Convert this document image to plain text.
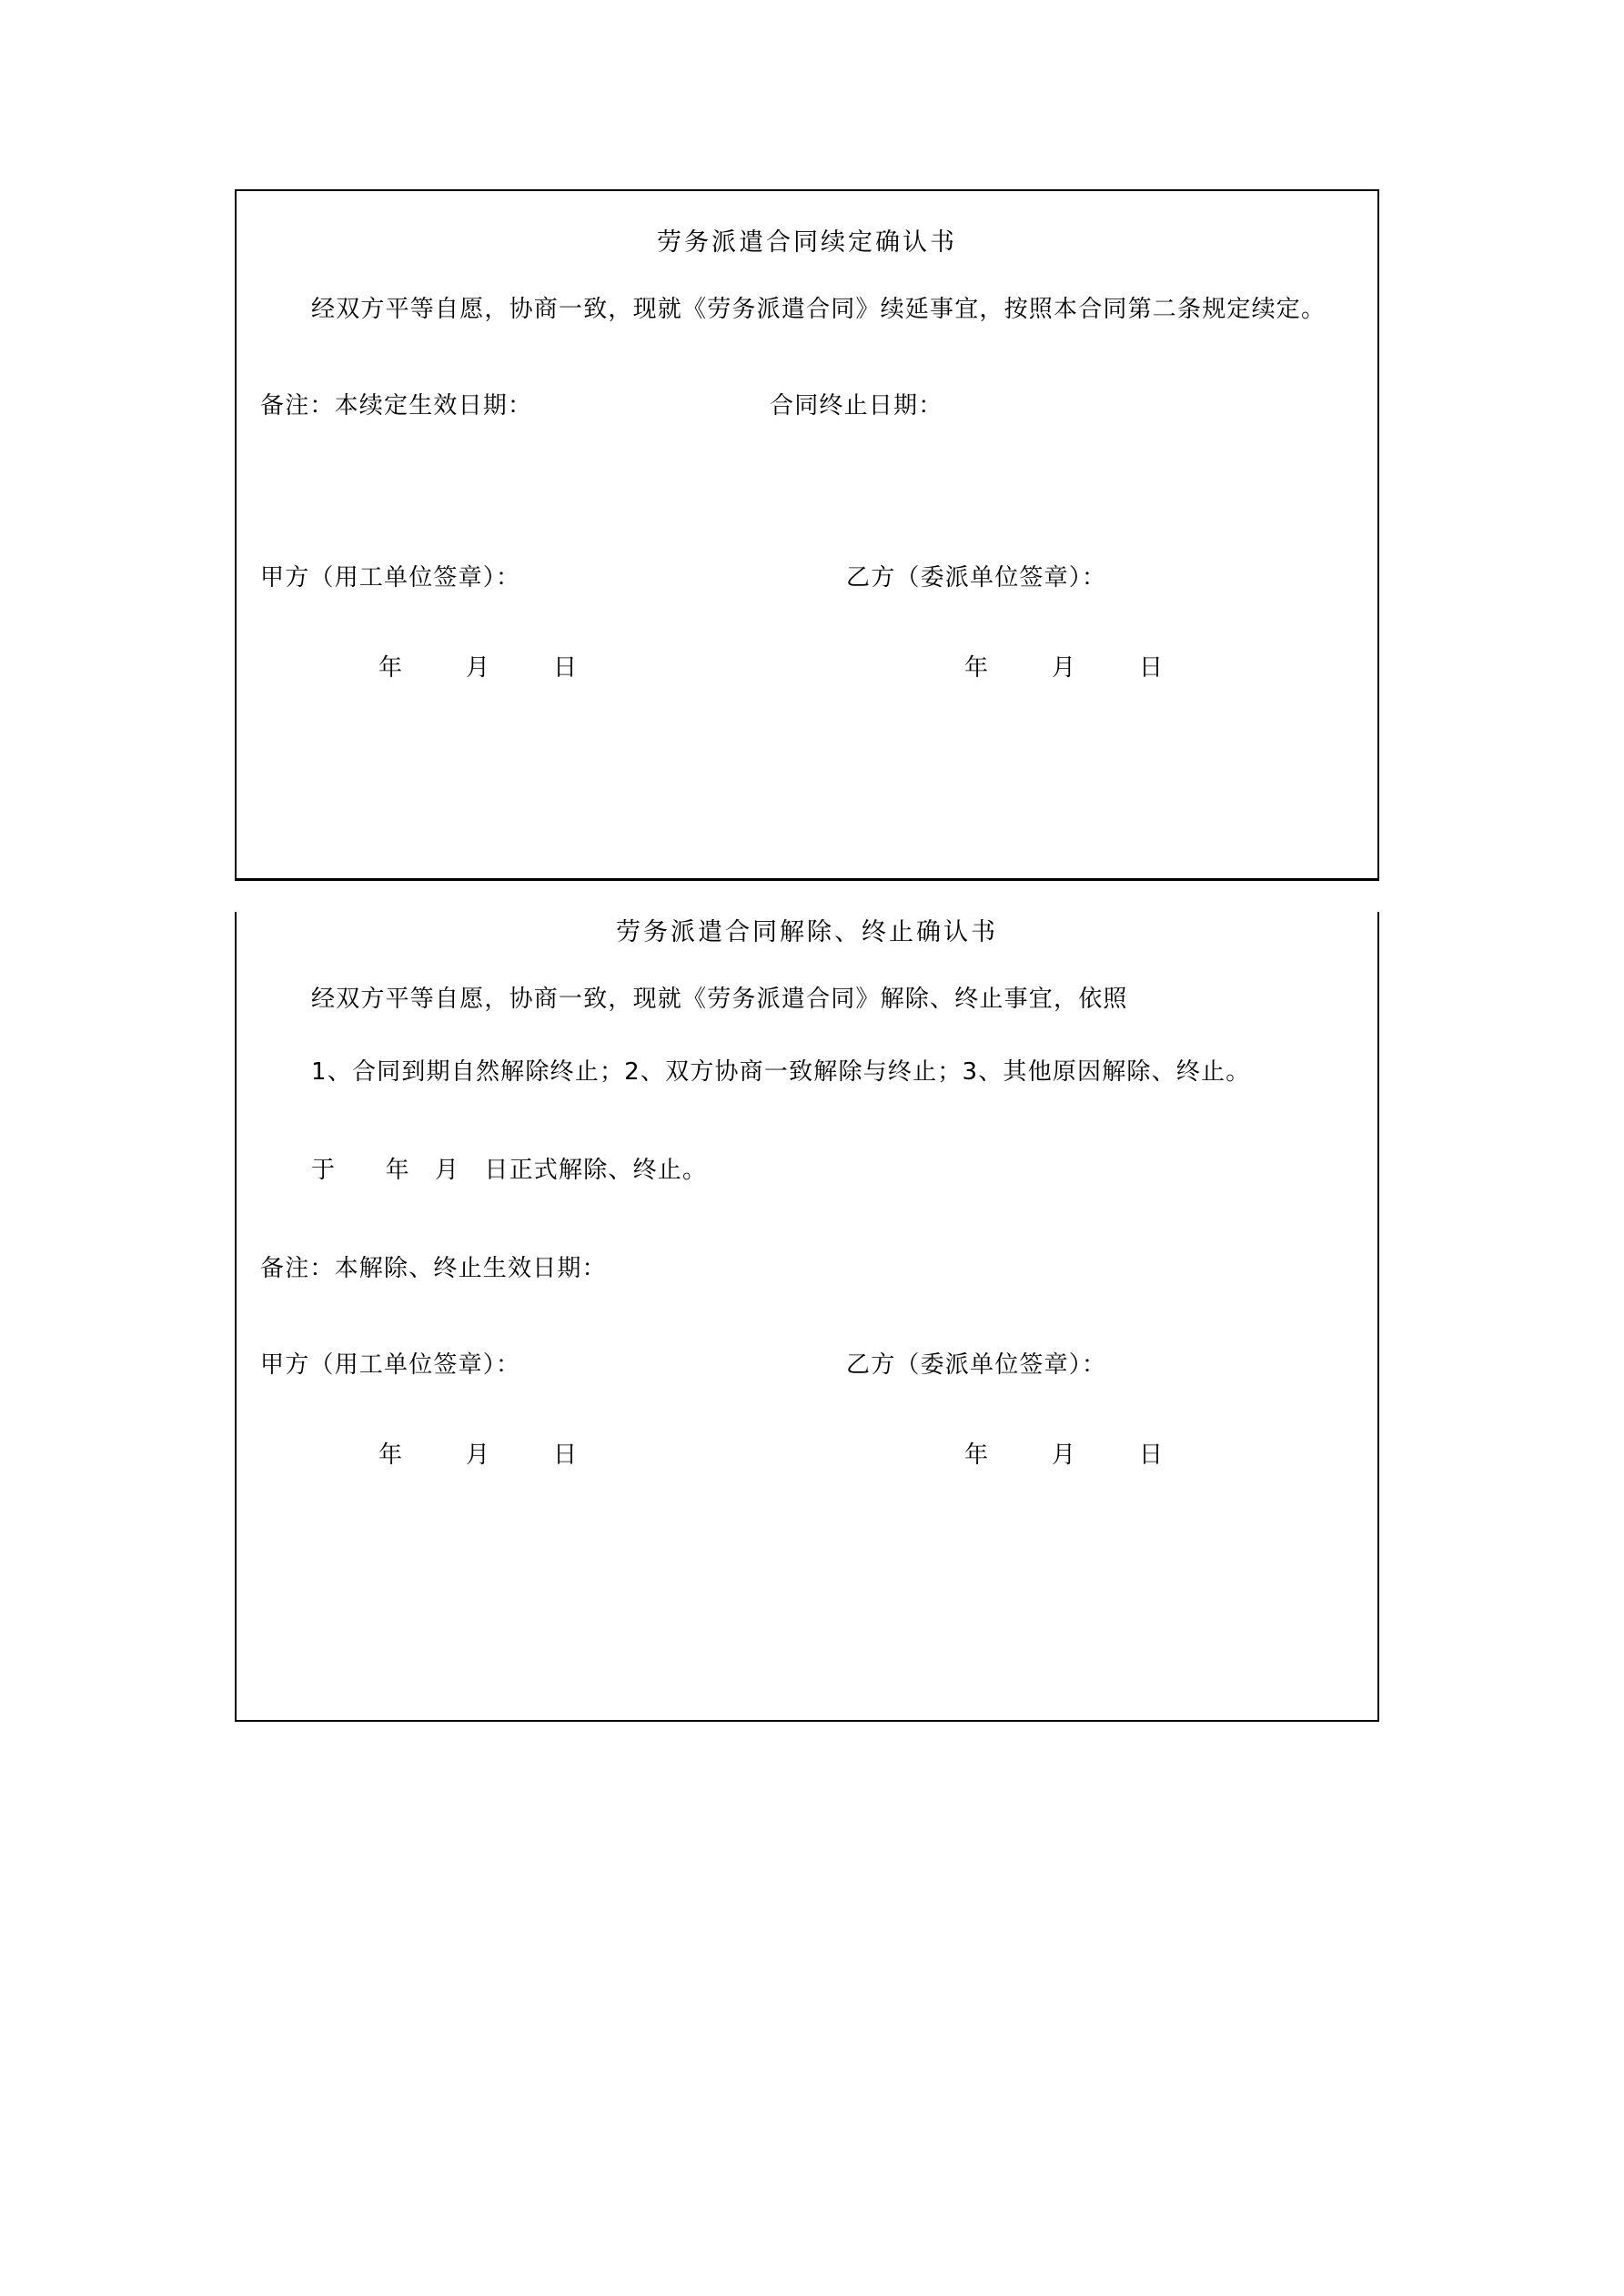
劳务派遣合同续定确认书
经双方平等自愿，协商一致，现就《劳务派遣合同》续延事宜，按照本合同第二条规定续定。
备注：本续定生效日期：	合同终止日期：
甲方（用工单位签章）：	乙方（委派单位签章）：
年　月　日	年　月　日
劳务派遣合同解除、终止确认书
经双方平等自愿，协商一致，现就《劳务派遣合同》解除、终止事宜，依照
1、合同到期自然解除终止；2、双方协商一致解除与终止；3、其他原因解除、终止。
于　　年　月　日正式解除、终止。
备注：本解除、终止生效日期：
甲方（用工单位签章）：	乙方（委派单位签章）：
年　月　日	年　月　日
